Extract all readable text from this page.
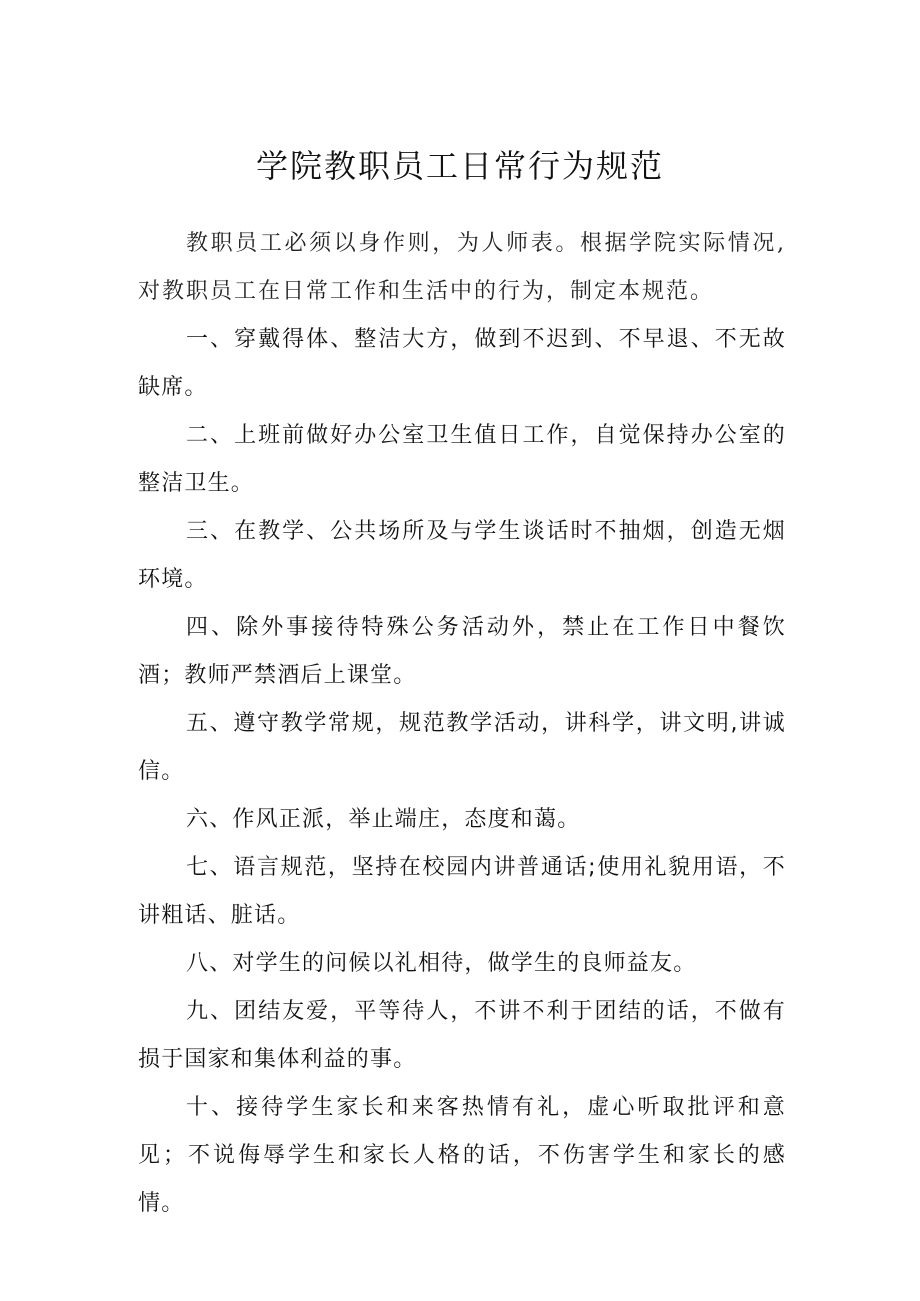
学院教职员工日常行为规范

教职员工必须以身作则，为人师表。根据学院实际情况,对教职员工在日常工作和生活中的行为，制定本规范。

一、穿戴得体、整洁大方，做到不迟到、不早退、不无故缺席。

二、上班前做好办公室卫生值日工作，自觉保持办公室的整洁卫生。

三、在教学、公共场所及与学生谈话时不抽烟，创造无烟环境。

四、除外事接待特殊公务活动外，禁止在工作日中餐饮酒；教师严禁酒后上课堂。

五、遵守教学常规，规范教学活动，讲科学，讲文明,讲诚信。

六、作风正派，举止端庄，态度和蔼。

七、语言规范，坚持在校园内讲普通话;使用礼貌用语，不讲粗话、脏话。

八、对学生的问候以礼相待，做学生的良师益友。

九、团结友爱，平等待人，不讲不利于团结的话，不做有损于国家和集体利益的事。

十、接待学生家长和来客热情有礼，虚心听取批评和意见；不说侮辱学生和家长人格的话，不伤害学生和家长的感情。
